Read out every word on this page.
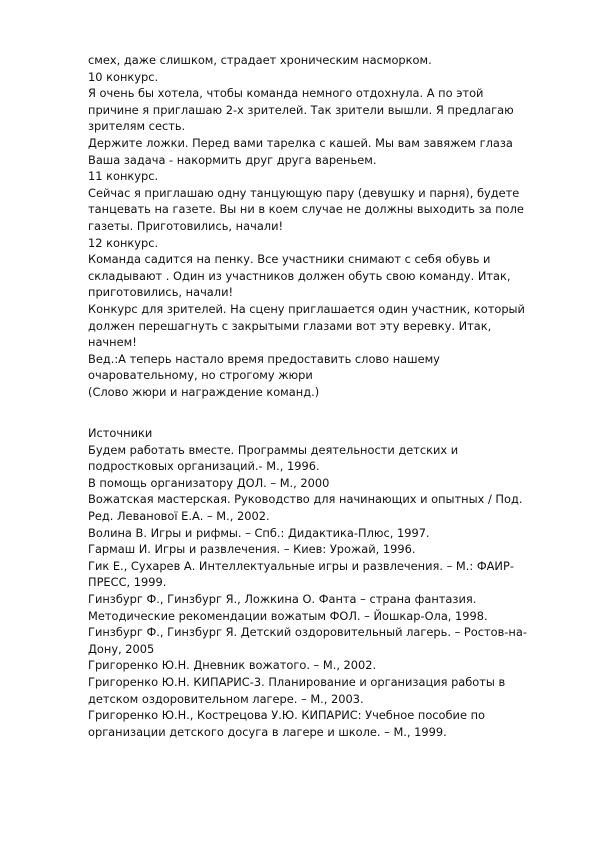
смех, даже слишком, страдает хроническим насморком.
10 конкурс.
Я очень бы хотела, чтобы команда немного отдохнула. А по этой
причине я приглашаю 2-х зрителей. Так зрители вышли. Я предлагаю
зрителям сесть.
Держите ложки. Перед вами тарелка с кашей. Мы вам завяжем глаза
Ваша задача - накормить друг друга вареньем.
11 конкурс.
Сейчас я приглашаю одну танцующую пару (девушку и парня), будете
танцевать на газете. Вы ни в коем случае не должны выходить за поле
газеты. Приготовились, начали!
12 конкурс.
Команда садится на пенку. Все участники снимают с себя обувь и
складывают . Один из участников должен обуть свою команду. Итак,
приготовились, начали!
Конкурс для зрителей. На сцену приглашается один участник, который
должен перешагнуть с закрытыми глазами вот эту веревку. Итак,
начнем!
Вед.:А теперь настало время предоставить слово нашему
очаровательному, но строгому жюри
(Слово жюри и награждение команд.)
Источники
Будем работать вместе. Программы деятельности детских и
подростковых организаций.- М., 1996.
В помощь организатору ДОЛ. – М., 2000
Вожатская мастерская. Руководство для начинающих и опытных / Под.
Ред. Леванової Е.А. – М., 2002.
Волина В. Игры и рифмы. – Спб.: Дидактика-Плюс, 1997.
Гармаш И. Игры и развлечения. – Киев: Урожай, 1996.
Гик Е., Сухарев А. Интеллектуальные игры и развлечения. – М.: ФАИР-
ПРЕСС, 1999.
Гинзбург Ф., Гинзбург Я., Ложкина О. Фанта – страна фантазия.
Методические рекомендации вожатым ФОЛ. – Йошкар-Ола, 1998.
Гинзбург Ф., Гинзбург Я. Детский оздоровительный лагерь. – Ростов-на-
Дону, 2005
Григоренко Ю.Н. Дневник вожатого. – М., 2002.
Григоренко Ю.Н. КИПАРИС-3. Планирование и организация работы в
детском оздоровительном лагере. – М., 2003.
Григоренко Ю.Н., Кострецова У.Ю. КИПАРИС: Учебное пособие по
организации детского досуга в лагере и школе. – М., 1999.
